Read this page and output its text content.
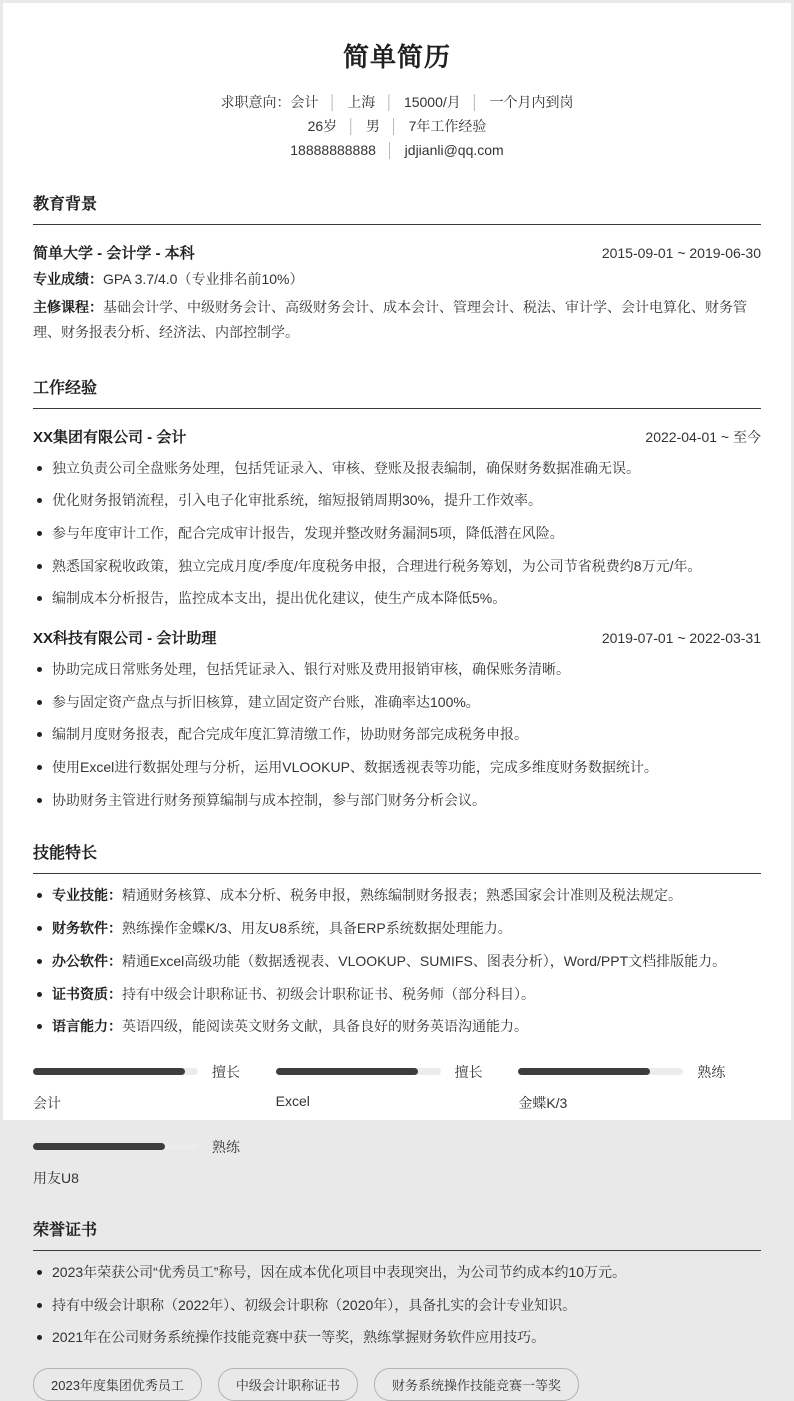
简单简历
求职意向：会计 │ 上海 │ 15000/月 │ 一个月内到岗
26岁 │ 男 │ 7年工作经验
18888888888 │ jdjianli@qq.com
教育背景
简单大学 - 会计学 - 本科	2015-09-01 ~ 2019-06-30

专业成绩：GPA 3.7/4.0（专业排名前10%）

主修课程：基础会计学、中级财务会计、高级财务会计、成本会计、管理会计、税法、审计学、会计电算化、财务管理、财务报表分析、经济法、内部控制学。

工作经验
XX集团有限公司 - 会计	2022-04-01 ~ 至今
独立负责公司全盘账务处理，包括凭证录入、审核、登账及报表编制，确保财务数据准确无误。
优化财务报销流程，引入电子化审批系统，缩短报销周期30%，提升工作效率。
参与年度审计工作，配合完成审计报告，发现并整改财务漏洞5项，降低潜在风险。
熟悉国家税收政策，独立完成月度/季度/年度税务申报，合理进行税务筹划，为公司节省税费约8万元/年。
编制成本分析报告，监控成本支出，提出优化建议，使生产成本降低5%。
XX科技有限公司 - 会计助理	2019-07-01 ~ 2022-03-31
协助完成日常账务处理，包括凭证录入、银行对账及费用报销审核，确保账务清晰。
参与固定资产盘点与折旧核算，建立固定资产台账，准确率达100%。
编制月度财务报表，配合完成年度汇算清缴工作，协助财务部完成税务申报。
使用Excel进行数据处理与分析，运用VLOOKUP、数据透视表等功能，完成多维度财务数据统计。
协助财务主管进行财务预算编制与成本控制，参与部门财务分析会议。
技能特长
专业技能：精通财务核算、成本分析、税务申报，熟练编制财务报表；熟悉国家会计准则及税法规定。
财务软件：熟练操作金蝶K/3、用友U8系统，具备ERP系统数据处理能力。
办公软件：精通Excel高级功能（数据透视表、VLOOKUP、SUMIFS、图表分析），Word/PPT文档排版能力。
证书资质：持有中级会计职称证书、初级会计职称证书、税务师（部分科目）。
语言能力：英语四级，能阅读英文财务文献，具备良好的财务英语沟通能力。
擅长
会计
擅长
Excel
熟练
金蝶K/3
熟练
用友U8
荣誉证书
2023年荣获公司“优秀员工”称号，因在成本优化项目中表现突出，为公司节约成本约10万元。
持有中级会计职称（2022年）、初级会计职称（2020年），具备扎实的会计专业知识。
2021年在公司财务系统操作技能竞赛中获一等奖，熟练掌握财务软件应用技巧。
2023年度集团优秀员工	中级会计职称证书	财务系统操作技能竞赛一等奖
